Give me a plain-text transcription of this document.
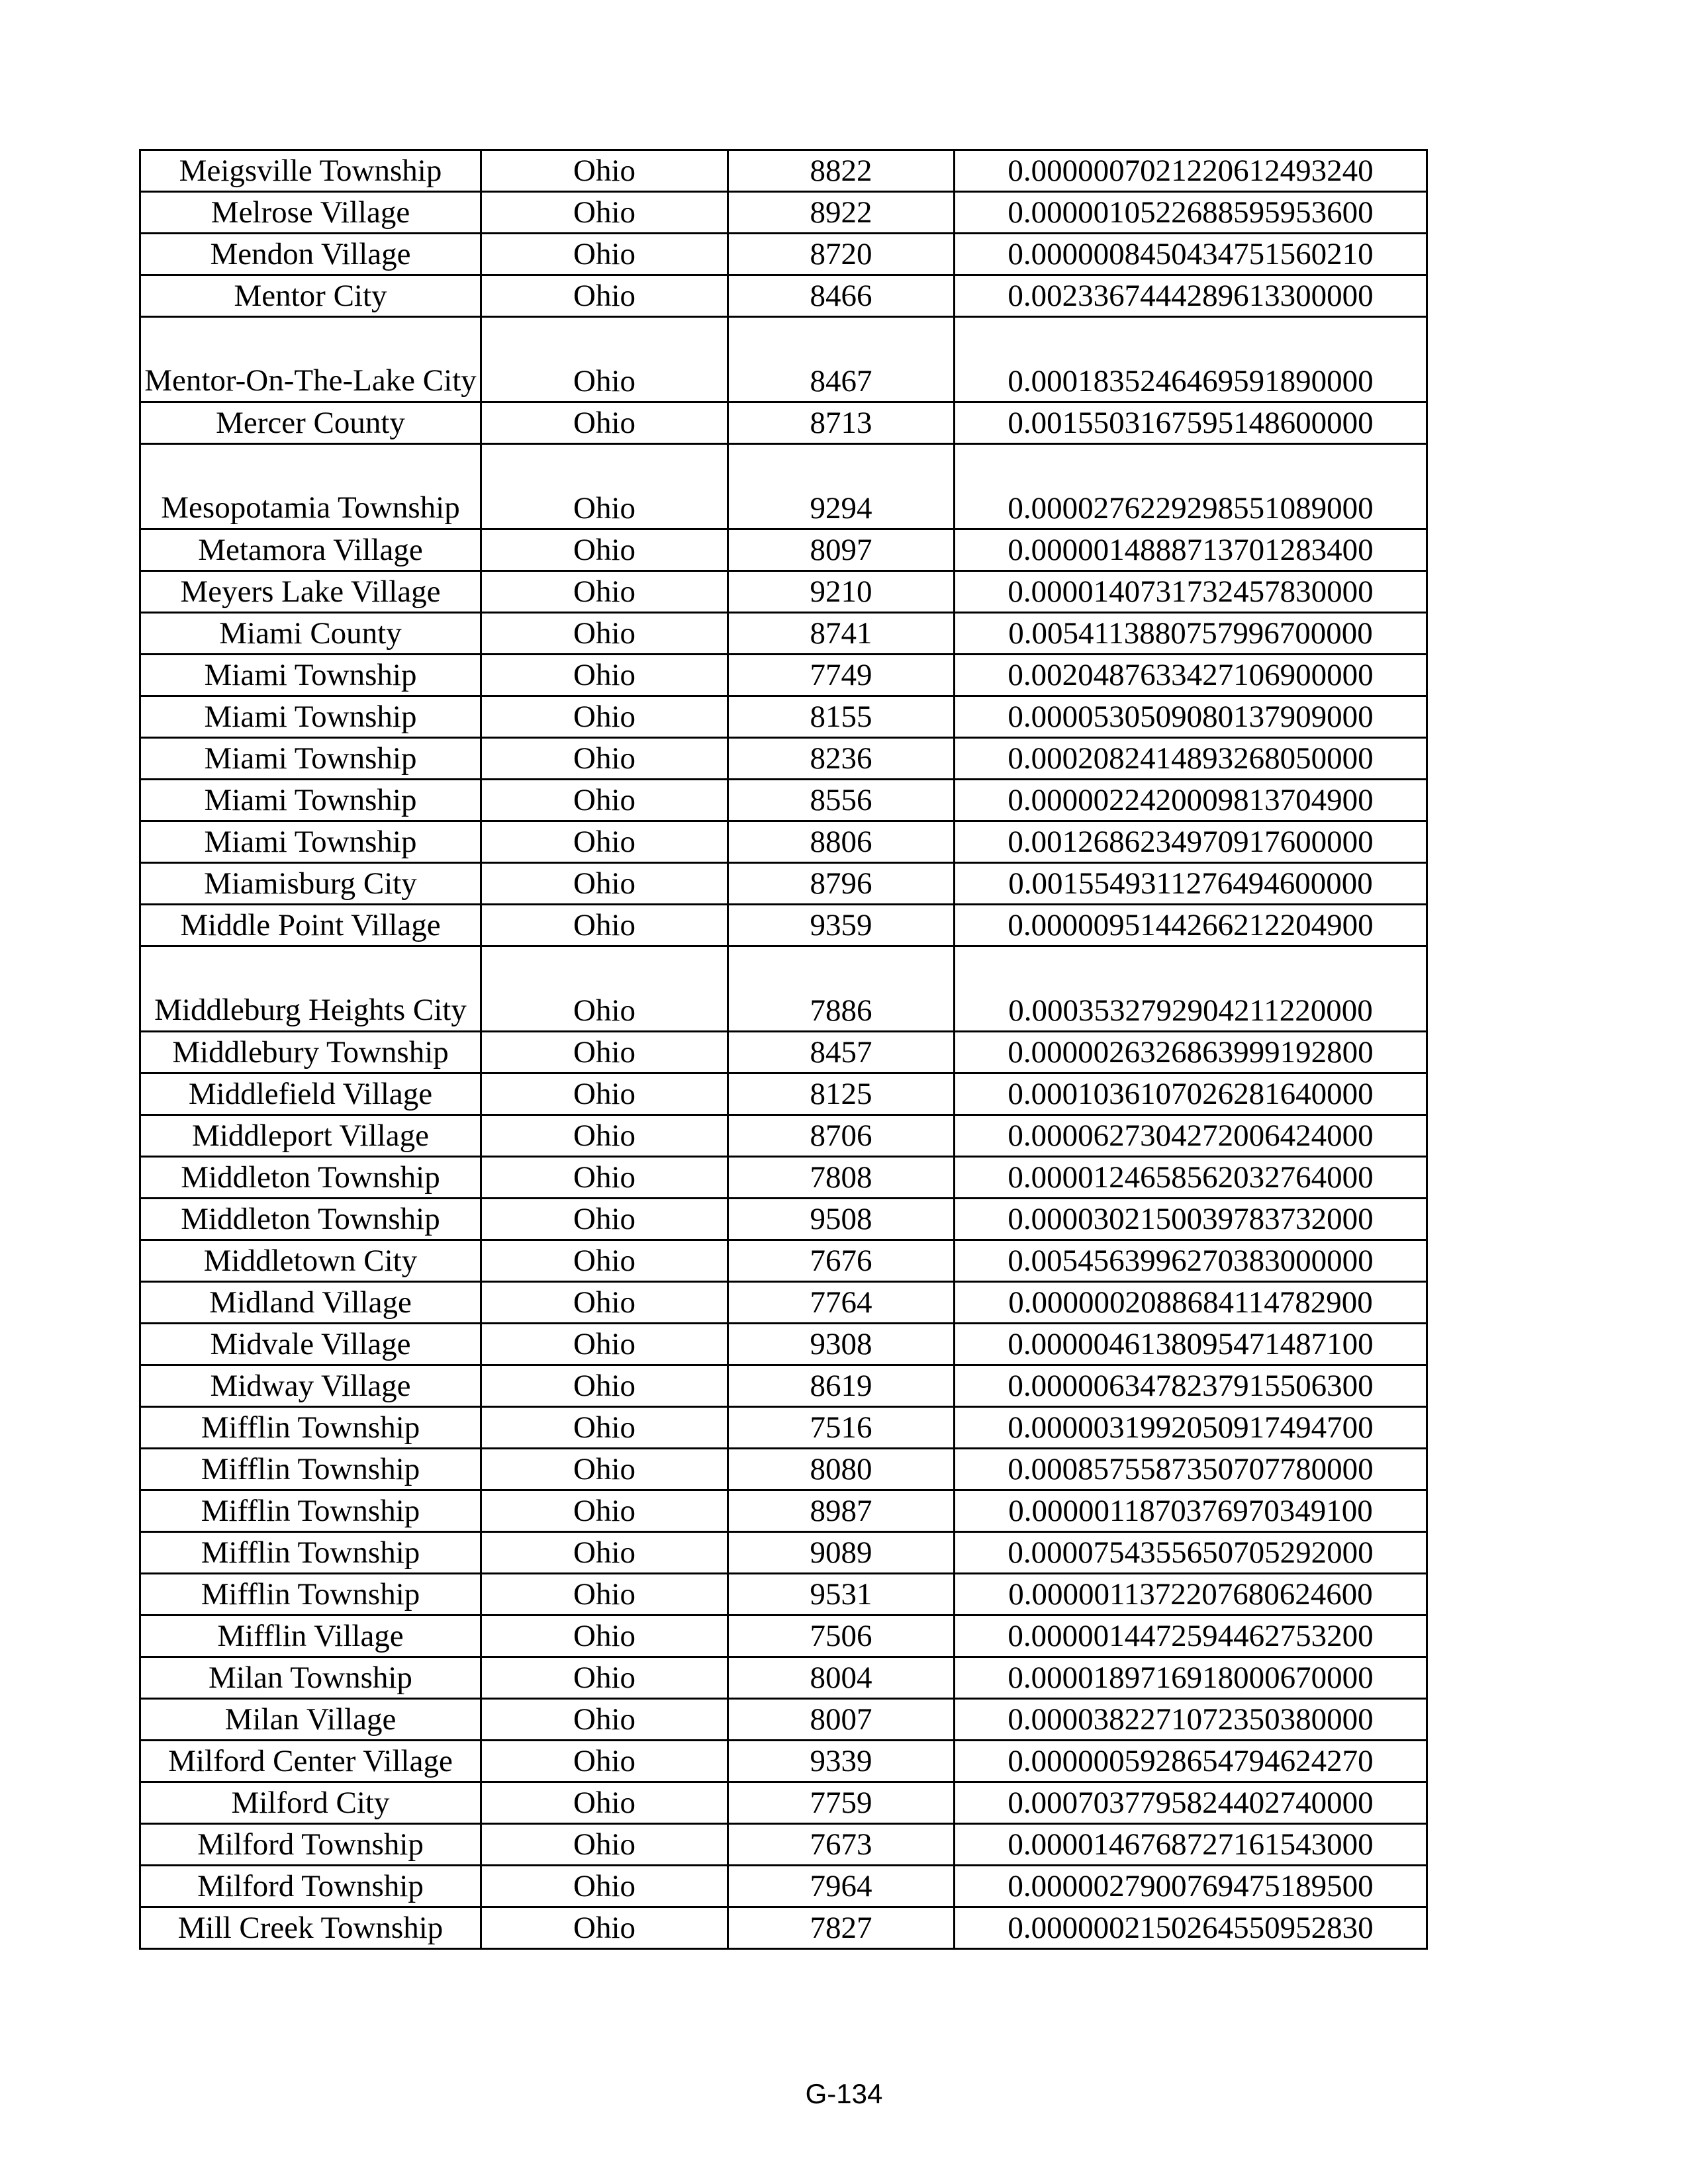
Meigsville Township	Ohio	8822	0.0000007021220612493240
Melrose Village	Ohio	8922	0.0000010522688595953600
Mendon Village	Ohio	8720	0.0000008450434751560210
Mentor City	Ohio	8466	0.0023367444289613300000

Mentor-On-The-Lake City	Ohio	8467	0.0001835246469591890000
Mercer County	Ohio	8713	0.0015503167595148600000

Mesopotamia Township	Ohio	9294	0.0000276229298551089000
Metamora Village	Ohio	8097	0.0000014888713701283400
Meyers Lake Village	Ohio	9210	0.0000140731732457830000
Miami County	Ohio	8741	0.0054113880757996700000
Miami Township	Ohio	7749	0.0020487633427106900000
Miami Township	Ohio	8155	0.0000530509080137909000
Miami Township	Ohio	8236	0.0002082414893268050000
Miami Township	Ohio	8556	0.0000022420009813704900
Miami Township	Ohio	8806	0.0012686234970917600000
Miamisburg City	Ohio	8796	0.0015549311276494600000
Middle Point Village	Ohio	9359	0.0000095144266212204900

Middleburg Heights City	Ohio	7886	0.0003532792904211220000
Middlebury Township	Ohio	8457	0.0000026326863999192800
Middlefield Village	Ohio	8125	0.0001036107026281640000
Middleport Village	Ohio	8706	0.0000627304272006424000
Middleton Township	Ohio	7808	0.0000124658562032764000
Middleton Township	Ohio	9508	0.0000302150039783732000
Middletown City	Ohio	7676	0.0054563996270383000000
Midland Village	Ohio	7764	0.0000002088684114782900
Midvale Village	Ohio	9308	0.0000046138095471487100
Midway Village	Ohio	8619	0.0000063478237915506300
Mifflin Township	Ohio	7516	0.0000031992050917494700
Mifflin Township	Ohio	8080	0.0008575587350707780000
Mifflin Township	Ohio	8987	0.0000011870376970349100
Mifflin Township	Ohio	9089	0.0000754355650705292000
Mifflin Township	Ohio	9531	0.0000011372207680624600
Mifflin Village	Ohio	7506	0.0000014472594462753200
Milan Township	Ohio	8004	0.0000189716918000670000
Milan Village	Ohio	8007	0.0000382271072350380000
Milford Center Village	Ohio	9339	0.0000005928654794624270
Milford City	Ohio	7759	0.0007037795824402740000
Milford Township	Ohio	7673	0.0000146768727161543000
Milford Township	Ohio	7964	0.0000027900769475189500
Mill Creek Township	Ohio	7827	0.0000002150264550952830
G-134
